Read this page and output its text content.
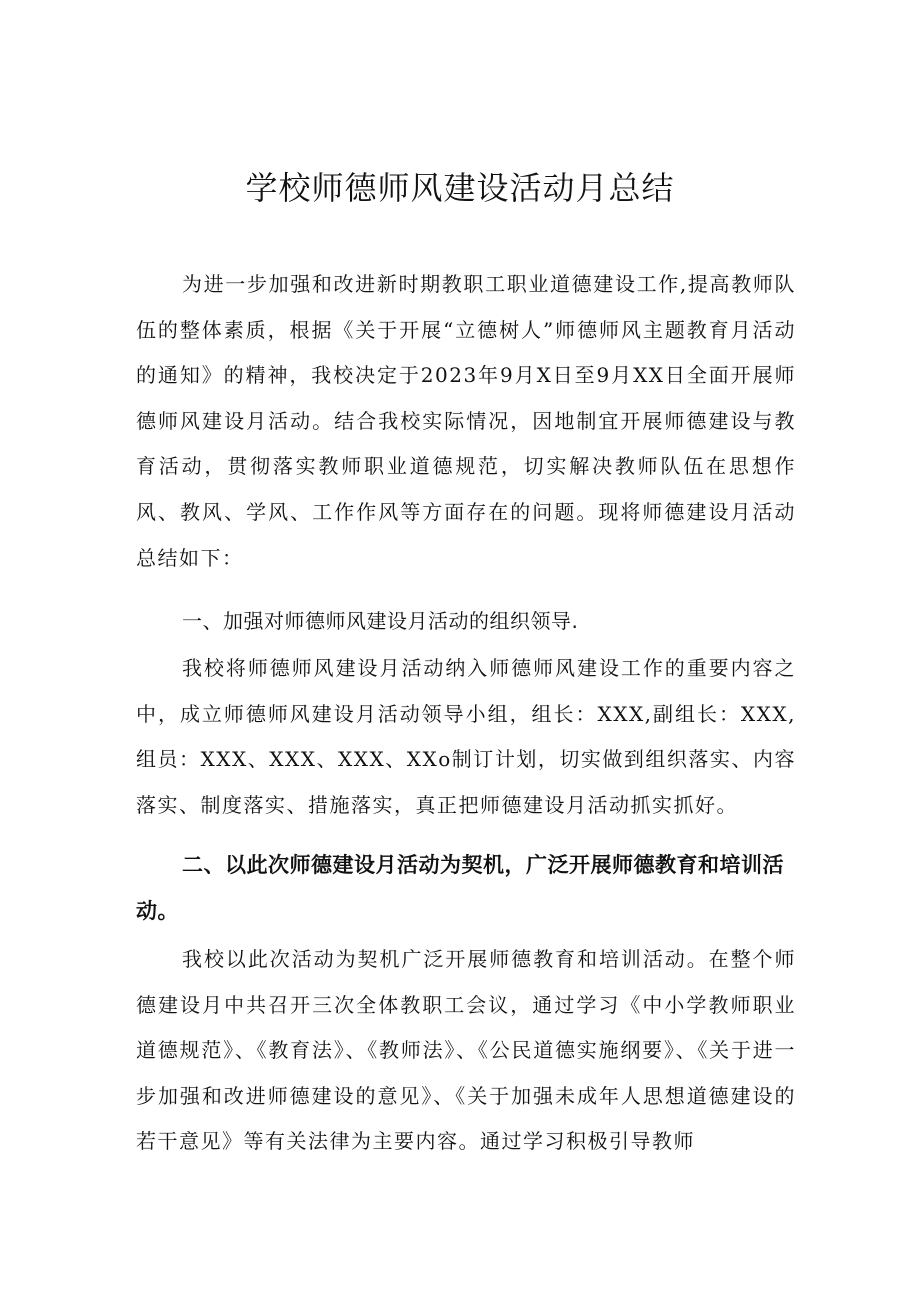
学校师德师风建设活动月总结

为进一步加强和改进新时期教职工职业道德建设工作,提高教师队伍的整体素质，根据《关于开展“立德树人”师德师风主题教育月活动的通知》的精神，我校决定于2023年9月X日至9月XX日全面开展师德师风建设月活动。结合我校实际情况，因地制宜开展师德建设与教育活动，贯彻落实教师职业道德规范，切实解决教师队伍在思想作风、教风、学风、工作作风等方面存在的问题。现将师德建设月活动总结如下：

一、加强对师德师风建设月活动的组织领导.

我校将师德师风建设月活动纳入师德师风建设工作的重要内容之中，成立师德师风建设月活动领导小组，组长：XXX,副组长：XXX,组员：XXX、XXX、XXX、XXo制订计划，切实做到组织落实、内容落实、制度落实、措施落实，真正把师德建设月活动抓实抓好。

二、以此次师德建设月活动为契机，广泛开展师德教育和培训活动。

我校以此次活动为契机广泛开展师德教育和培训活动。在整个师德建设月中共召开三次全体教职工会议，通过学习《中小学教师职业道德规范》、《教育法》、《教师法》、《公民道德实施纲要》、《关于进一步加强和改进师德建设的意见》、《关于加强未成年人思想道德建设的若干意见》等有关法律为主要内容。通过学习积极引导教师
